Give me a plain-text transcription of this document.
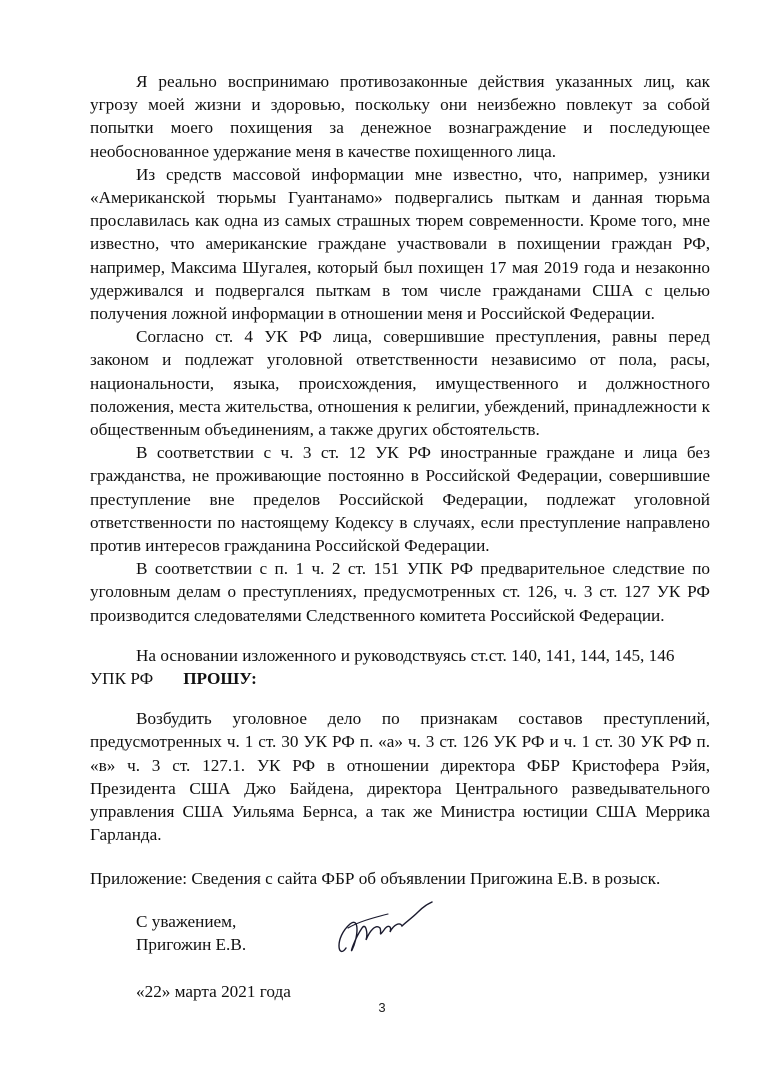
Я реально воспринимаю противозаконные действия указанных лиц, как угрозу моей жизни и здоровью, поскольку они неизбежно повлекут за собой попытки моего похищения за денежное вознаграждение и последующее необоснованное удержание меня в качестве похищенного лица.

Из средств массовой информации мне известно, что, например, узники «Американской тюрьмы Гуантанамо» подвергались пыткам и данная тюрьма прославилась как одна из самых страшных тюрем современности. Кроме того, мне известно, что американские граждане участвовали в похищении граждан РФ, например, Максима Шугалея, который был похищен 17 мая 2019 года и незаконно удерживался и подвергался пыткам в том числе гражданами США с целью получения ложной информации в отношении меня и Российской Федерации.

Согласно ст. 4 УК РФ лица, совершившие преступления, равны перед законом и подлежат уголовной ответственности независимо от пола, расы, национальности, языка, происхождения, имущественного и должностного положения, места жительства, отношения к религии, убеждений, принадлежности к общественным объединениям, а также других обстоятельств.

В соответствии с ч. 3 ст. 12 УК РФ иностранные граждане и лица без гражданства, не проживающие постоянно в Российской Федерации, совершившие преступление вне пределов Российской Федерации, подлежат уголовной ответственности по настоящему Кодексу в случаях, если преступление направлено против интересов гражданина Российской Федерации.

В соответствии с п. 1 ч. 2 ст. 151 УПК РФ предварительное следствие по уголовным делам о преступлениях, предусмотренных ст. 126, ч. 3 ст. 127 УК РФ производится следователями Следственного комитета Российской Федерации.

На основании изложенного и руководствуясь ст.ст. 140, 141, 144, 145, 146

УПК РФ ПРОШУ:

Возбудить уголовное дело по признакам составов преступлений, предусмотренных ч. 1 ст. 30 УК РФ п. «а» ч. 3 ст. 126 УК РФ и ч. 1 ст. 30 УК РФ п. «в» ч. 3 ст. 127.1. УК РФ в отношении директора ФБР Кристофера Рэйя, Президента США Джо Байдена, директора Центрального разведывательного управления США Уильяма Бернса, а так же Министра юстиции США Меррика Гарланда.

Приложение: Сведения с сайта ФБР об объявлении Пригожина Е.В. в розыск.

С уважением,

Пригожин Е.В.

«22» марта 2021 года

3
